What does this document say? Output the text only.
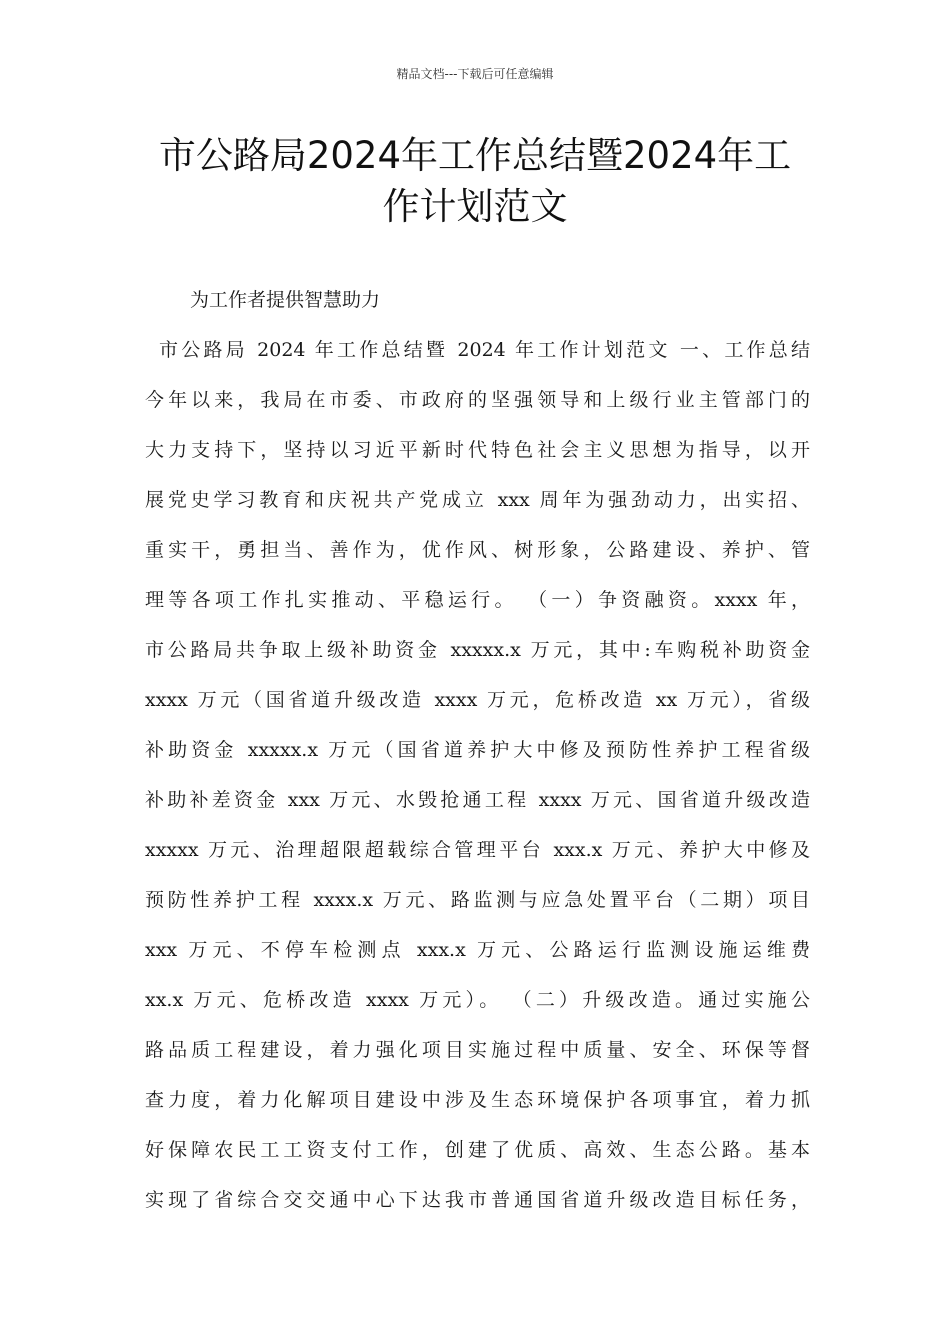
精品文档---下载后可任意编辑
市公路局2024年工作总结暨2024年工
作计划范文
为工作者提供智慧助力
市公路局 2024 年工作总结暨 2024 年工作计划范文 一、工作总结
今年以来，我局在市委、市政府的坚强领导和上级行业主管部门的
大力支持下，坚持以习近平新时代特色社会主义思想为指导，以开
展党史学习教育和庆祝共产党成立 xxx 周年为强劲动力，出实招、
重实干，勇担当、善作为，优作风、树形象，公路建设、养护、管
理等各项工作扎实推动、平稳运行。 （一）争资融资。xxxx 年，
市公路局共争取上级补助资金 xxxxx.x 万元，其中:车购税补助资金
xxxx 万元（国省道升级改造 xxxx 万元，危桥改造 xx 万元），省级
补助资金 xxxxx.x 万元（国省道养护大中修及预防性养护工程省级
补助补差资金 xxx 万元、水毁抢通工程 xxxx 万元、国省道升级改造
xxxxx 万元、治理超限超载综合管理平台 xxx.x 万元、养护大中修及
预防性养护工程 xxxx.x 万元、路监测与应急处置平台（二期）项目
xxx 万元、不停车检测点 xxx.x 万元、公路运行监测设施运维费
xx.x 万元、危桥改造 xxxx 万元）。 （二）升级改造。通过实施公
路品质工程建设，着力强化项目实施过程中质量、安全、环保等督
查力度，着力化解项目建设中涉及生态环境保护各项事宜，着力抓
好保障农民工工资支付工作，创建了优质、高效、生态公路。基本
实现了省综合交交通中心下达我市普通国省道升级改造目标任务，
